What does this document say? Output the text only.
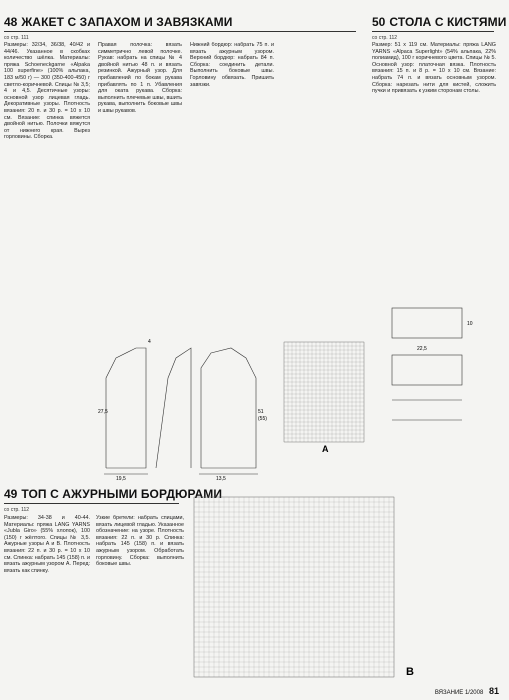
48 ЖАКЕТ С ЗАПАХОМ И ЗАВЯЗКАМИ
со стр. 111
50 СТОЛА С КИСТЯМИ
со стр. 112
Размеры: 32/34, 36/38, 40/42 и 44/46. Указанное в скобках количество шёлка. Материалы: пряжа Schoeneckgarne «Alpaka 100 superfine» (100% альпака, 183 м/50 г) — 300 (350-400-450) г светло-коричневой. Спицы № 3,5; 4 и 4,5. Десятичные узоры: основной узор лицевая гладь. Декоративные узоры. Плотность вязания: 20 п. и 30 р. = 10 х 10 см. Вязание: спинка вяжется двойной нитью. Полочки вяжутся от нижнего края. Вырез горловины. Сборка.
Правая полочка: вязать симметрично левой полочке. Рукав: набрать на спицы № 4 двойной нитью 48 п. и вязать резинкой. Ажурный узор. Для прибавлений по бокам рукава прибавлять по 1 п. Убавления для оката рукава. Сборка: выполнить плечевые швы, вшить рукава, выполнить боковые швы и швы рукавов.
Нижний бордюр: набрать 75 п. и вязать ажурным узором. Верхний бордюр: набрать 84 п. Сборка: соединить детали. Выполнить боковые швы. Горловину обвязать. Пришить завязки.
Размер: 51 х 119 см. Материалы: пряжа LANG YARNS «Alpaca Superlight» (54% альпака, 22% полиамид), 100 г коричневого цвета. Спицы № 5. Основной узор: платочная вязка. Плотность вязания: 15 п. и 8 р. = 10 х 10 см. Вязание: набрать 74 п. и вязать основным узором. Сборка: нарезать нити для кистей, сложить пучки и привязать к узким сторонам столы.
19,5	13,5
27,5
4
51
(55)
A
22,5
10
49 ТОП С АЖУРНЫМИ БОРДЮРАМИ
со стр. 112
Размеры: 34-38 и 40-44. Материалы: пряжа LANG YARNS «Jubla Giro» (55% хлопок), 100 (150) г жёлтого. Спицы № 3,5. Ажурные узоры А и В. Плотность вязания: 22 п. и 30 р. = 10 х 10 см. Спинка: набрать 145 (158) п. и вязать ажурным узором А. Перед: вязать как спинку.
Узкие бретели: набрать спицами, вязать лицевой гладью. Указанное обозначение: на узоре. Плотность вязания: 22 п. и 30 р. Спинка: набрать 145 (158) п. и вязать ажурным узором. Обработать горловину. Сборка: выполнить боковые швы.
B
ВЯЗАНИЕ 1/2008 81
